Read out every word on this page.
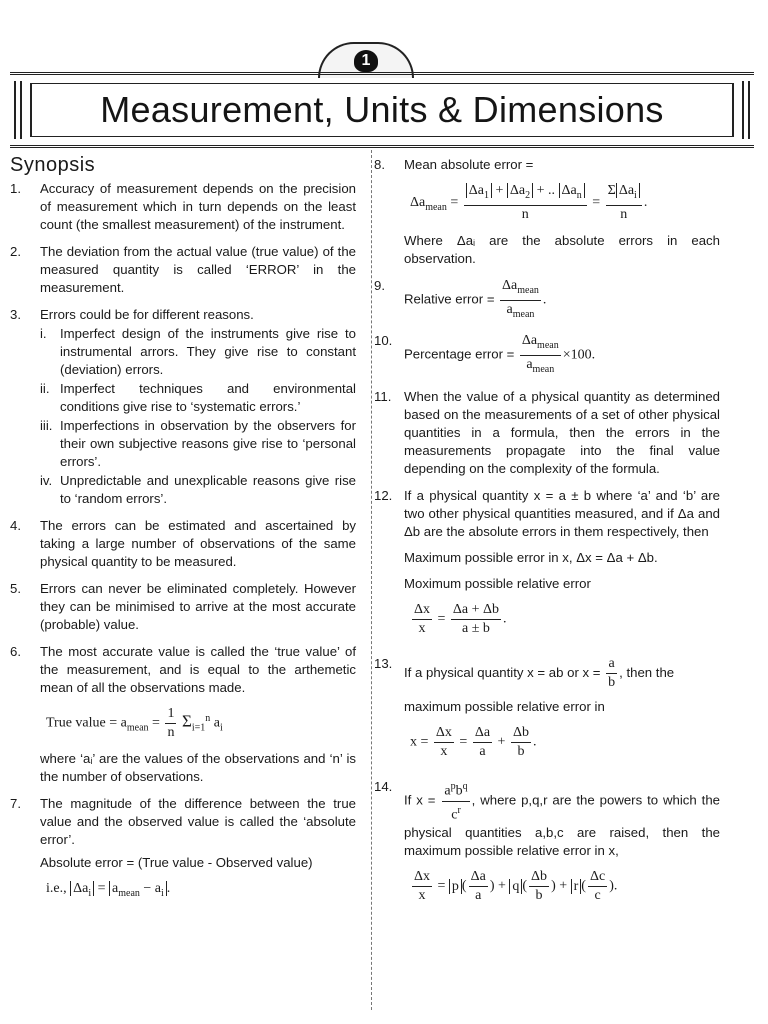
1
Measurement, Units & Dimensions
Synopsis
1.	Accuracy of measurement depends on the precision of measurement which in turn depends on the least count (the smallest measurement) of the instrument.

2.	The deviation from the actual value (true value) of the measured quantity is called ‘ERROR’ in the measurement.

3.	Errors could be for different reasons.

i.	Imperfect design of the instruments give rise to instrumental arrors. They give rise to constant (deviation) errors.
ii. Imperfect techniques and environmental conditions give rise to ‘systematic errors.’
iii. Imperfections in observation by the observers for their own subjective reasons give rise to ‘personal errors’.
iv. Unpredictable and unexplicable reasons give rise to ‘random errors’.
4.	The errors can be estimated and ascertained by taking a large number of observations of the same physical quantity to be measured.

5.	Errors can never be eliminated completely. However they can be minimised to arrive at the most accurate (probable) value.

6.	The most accurate value is called the ‘true value’ of the measurement, and is equal to the arthemetic mean of all the observations made.

True value = $a_{mean} = \frac{1}{n} \Sigma_{i=1}^n$ $a_i$

where ‘aᵢ’ are the values of the observations and ‘n’ is the number of observations.

7.	The magnitude of the difference between the true value and the observed value is called the ‘absolute error’.

Absolute error = (True value - Observed value)

i.e., $\Delta a_i = a_{mean} - a_i$ .
8.	Mean absolute error =

$\Delta a_{mean} = \frac{\Delta a_1 + \Delta a_2 + .. \Delta a_n}{n} = \frac{\Sigma \Delta a_i}{n}$ .

Where Δaᵢ are the absolute errors in each observation.

9.
Relative error = $\frac{\Delta a_{mean}}{a_{mean}}$ .
10.
Percentage error = $\frac{\Delta a_{mean}}{a_{mean}} \times 100$.
11. When the value of a physical quantity as determined based on the measurements of a set of other physical quantities in a formula, then the errors in the measurements propagate into the final value depending on the complexity of the formula.

12. If a physical quantity x = a ± b where ‘a’ and ‘b’ are two other physical quantities measured, and if Δa and Δb are the absolute errors in them respectively, then

Maximum possible error in x, Δx = Δa + Δb.

Moximum possible relative error

$\frac{\Delta x}{x} = \frac{\Delta a + \Delta b}{a \pm b}$ .
13.

If a physical quantity x = ab or $x = \frac{a}{b}$ , then the

maximum possible relative error in

$x = \frac{\Delta x}{x} = \frac{\Delta a}{a} + \frac{\Delta b}{b}$ .
14.

If $x = \frac{a^pb^q}{c^r}$ , where p,q,r are the powers to which the physical quantities a,b,c are raised, then the maximum possible relative error in x,

$\frac{\Delta x}{x} = p$ ( $\frac{\Delta a}{a}$ ) + q ( $\frac{\Delta b}{b}$ ) + r ( $\frac{\Delta c}{c}$ ).
